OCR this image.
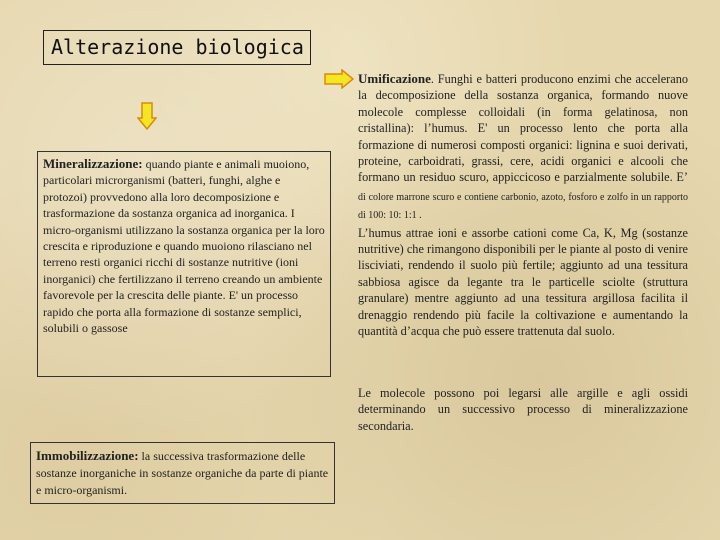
Alterazione biologica
Mineralizzazione: quando piante e animali muoiono, particolari microrganismi (batteri, funghi, alghe e protozoi) provvedono alla loro decomposizione e trasformazione da sostanza organica ad inorganica. I micro-organismi utilizzano la sostanza organica per la loro crescita e riproduzione e quando muoiono rilasciano nel terreno resti organici ricchi di sostanze nutritive (ioni inorganici) che fertilizzano il terreno creando un ambiente favorevole per la crescita delle piante. E' un processo rapido che porta alla formazione di sostanze semplici, solubili o gassose
Immobilizzazione: la successiva trasformazione delle sostanze inorganiche in sostanze organiche da parte di piante e micro-organismi.

Umificazione. Funghi e batteri producono enzimi che accelerano la decomposizione della sostanza organica, formando nuove molecole complesse colloidali (in forma gelatinosa, non cristallina): l’humus. E' un processo lento che porta alla formazione di numerosi composti organici: lignina e suoi derivati, proteine, carboidrati, grassi, cere, acidi organici e alcooli che formano un residuo scuro, appiccicoso e parzialmente solubile. E’ di colore marrone scuro e contiene carbonio, azoto, fosforo e zolfo in un rapporto di 100: 10: 1:1 .

L’humus attrae ioni e assorbe cationi come Ca, K, Mg (sostanze nutritive) che rimangono disponibili per le piante al posto di venire lisciviati, rendendo il suolo più fertile; aggiunto ad una tessitura sabbiosa agisce da legante tra le particelle sciolte (struttura granulare) mentre aggiunto ad una tessitura argillosa facilita il drenaggio rendendo più facile la coltivazione e aumentando la quantità d’acqua che può essere trattenuta dal suolo.

Le molecole possono poi legarsi alle argille e agli ossidi determinando un successivo processo di mineralizzazione secondaria.
